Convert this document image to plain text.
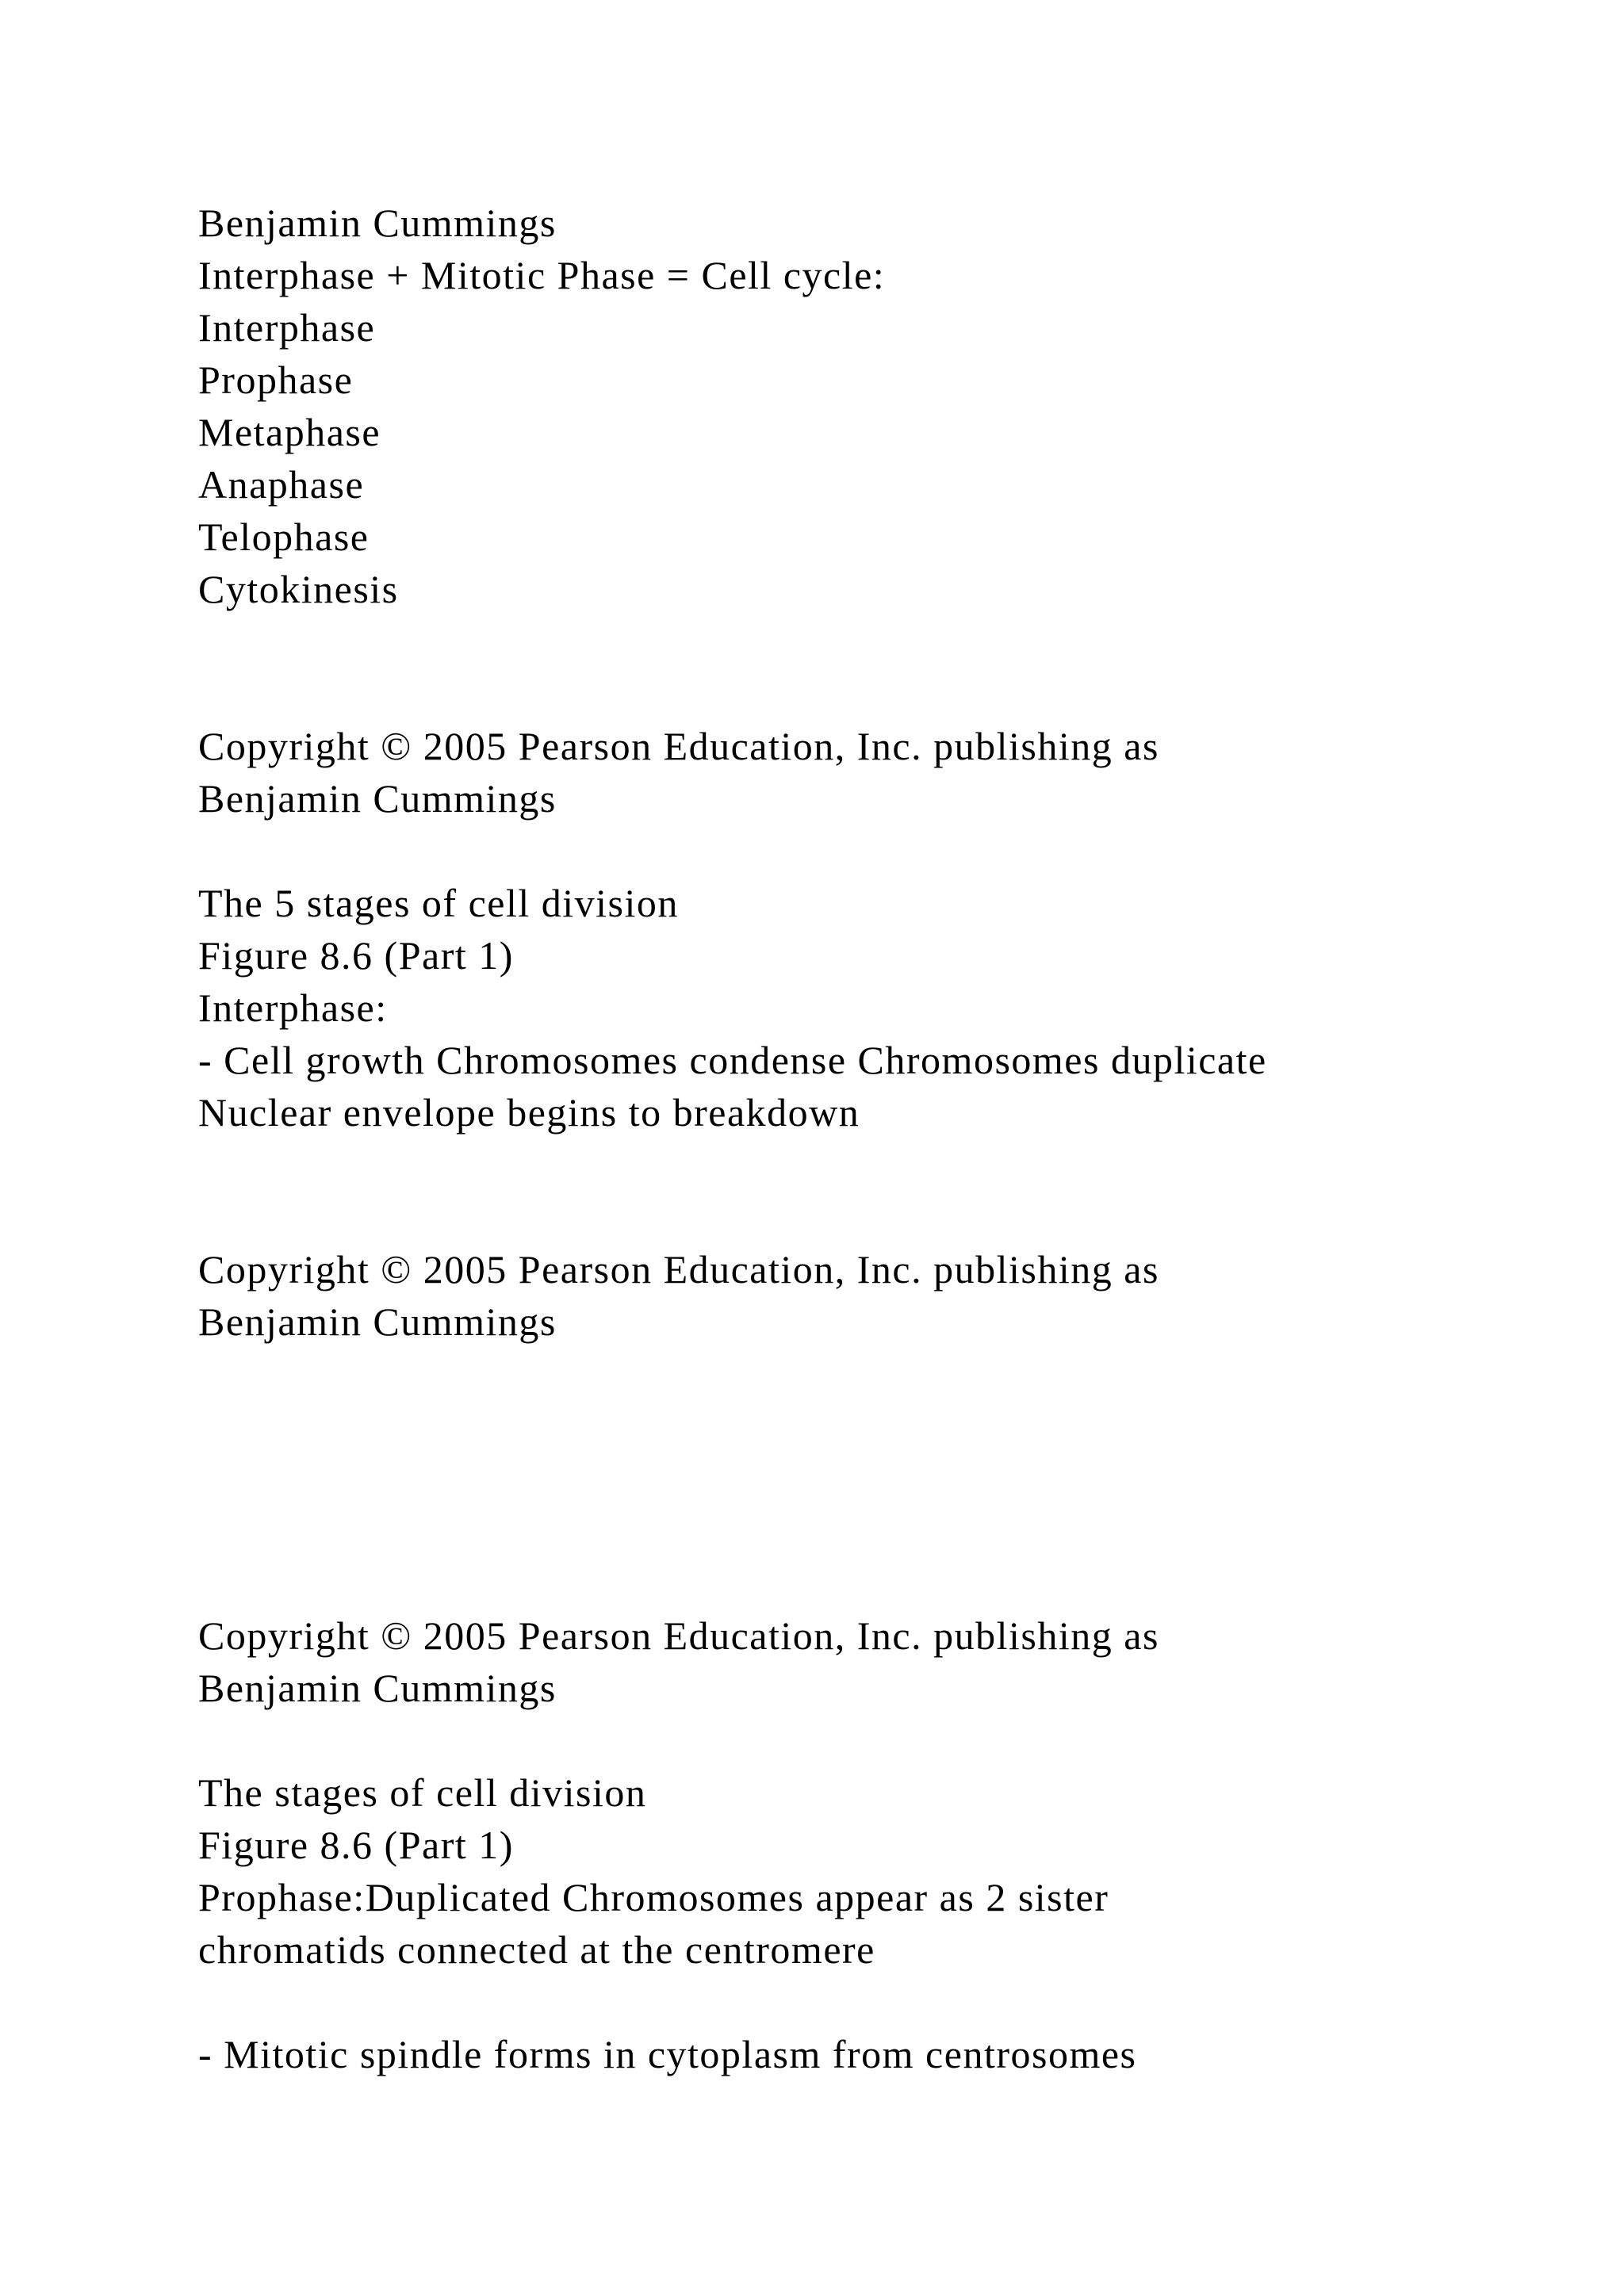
Benjamin Cummings
Interphase + Mitotic Phase = Cell cycle:
Interphase
Prophase
Metaphase
Anaphase
Telophase
Cytokinesis
Copyright © 2005 Pearson Education, Inc. publishing as
Benjamin Cummings
The 5 stages of cell division
Figure 8.6 (Part 1)
Interphase:
- Cell growth Chromosomes condense Chromosomes duplicate
Nuclear envelope begins to breakdown
Copyright © 2005 Pearson Education, Inc. publishing as
Benjamin Cummings
Copyright © 2005 Pearson Education, Inc. publishing as
Benjamin Cummings
The stages of cell division
Figure 8.6 (Part 1)
Prophase:Duplicated Chromosomes appear as 2 sister
chromatids connected at the centromere
- Mitotic spindle forms in cytoplasm from centrosomes
